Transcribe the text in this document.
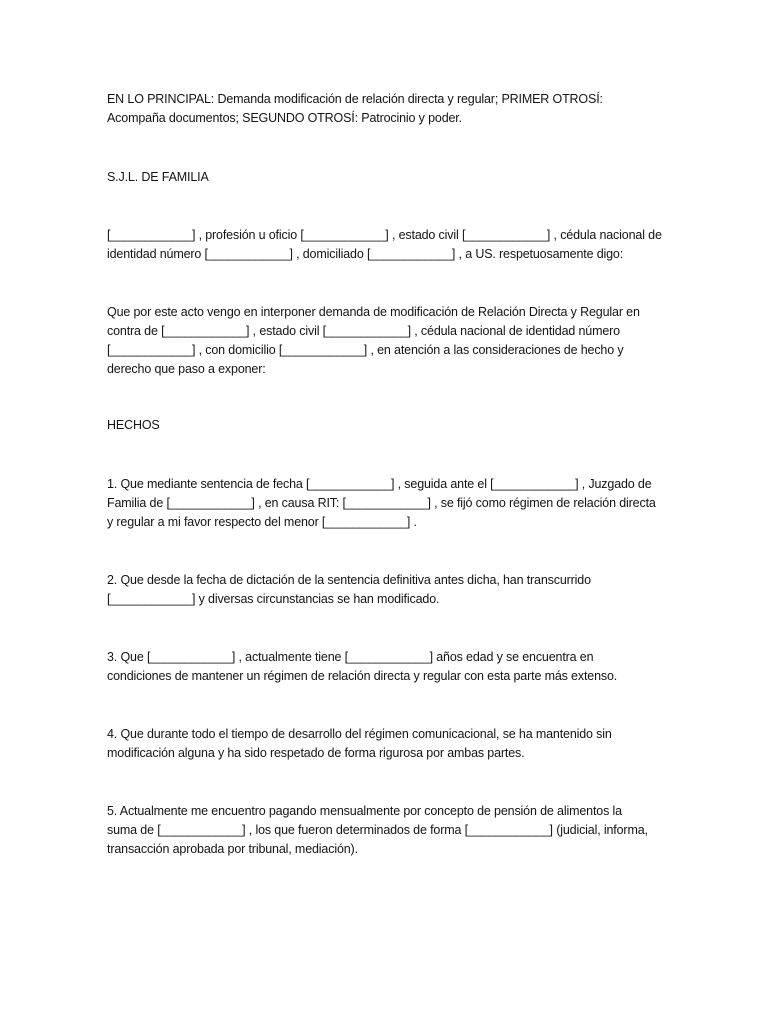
EN LO PRINCIPAL: Demanda modificación de relación directa y regular; PRIMER OTROSÍ:
Acompaña documentos; SEGUNDO OTROSÍ: Patrocinio y poder.

S.J.L. DE FAMILIA

[____________] , profesión u oficio [____________] , estado civil [____________] , cédula nacional de
identidad número [____________] , domiciliado [____________] , a US. respetuosamente digo:

Que por este acto vengo en interponer demanda de modificación de Relación Directa y Regular en
contra de [____________] , estado civil [____________] , cédula nacional de identidad número
[____________] , con domicilio [____________] , en atención a las consideraciones de hecho y
derecho que paso a exponer:

HECHOS

1. Que mediante sentencia de fecha [____________] , seguida ante el [____________] , Juzgado de
Familia de [____________] , en causa RIT: [____________] , se fijó como régimen de relación directa
y regular a mi favor respecto del menor [____________] .

2. Que desde la fecha de dictación de la sentencia definitiva antes dicha, han transcurrido
[____________] y diversas circunstancias se han modificado.

3. Que [____________] , actualmente tiene [____________] años edad y se encuentra en
condiciones de mantener un régimen de relación directa y regular con esta parte más extenso.

4. Que durante todo el tiempo de desarrollo del régimen comunicacional, se ha mantenido sin
modificación alguna y ha sido respetado de forma rigurosa por ambas partes.

5. Actualmente me encuentro pagando mensualmente por concepto de pensión de alimentos la
suma de [____________] , los que fueron determinados de forma [____________] (judicial, informa,
transacción aprobada por tribunal, mediación).
